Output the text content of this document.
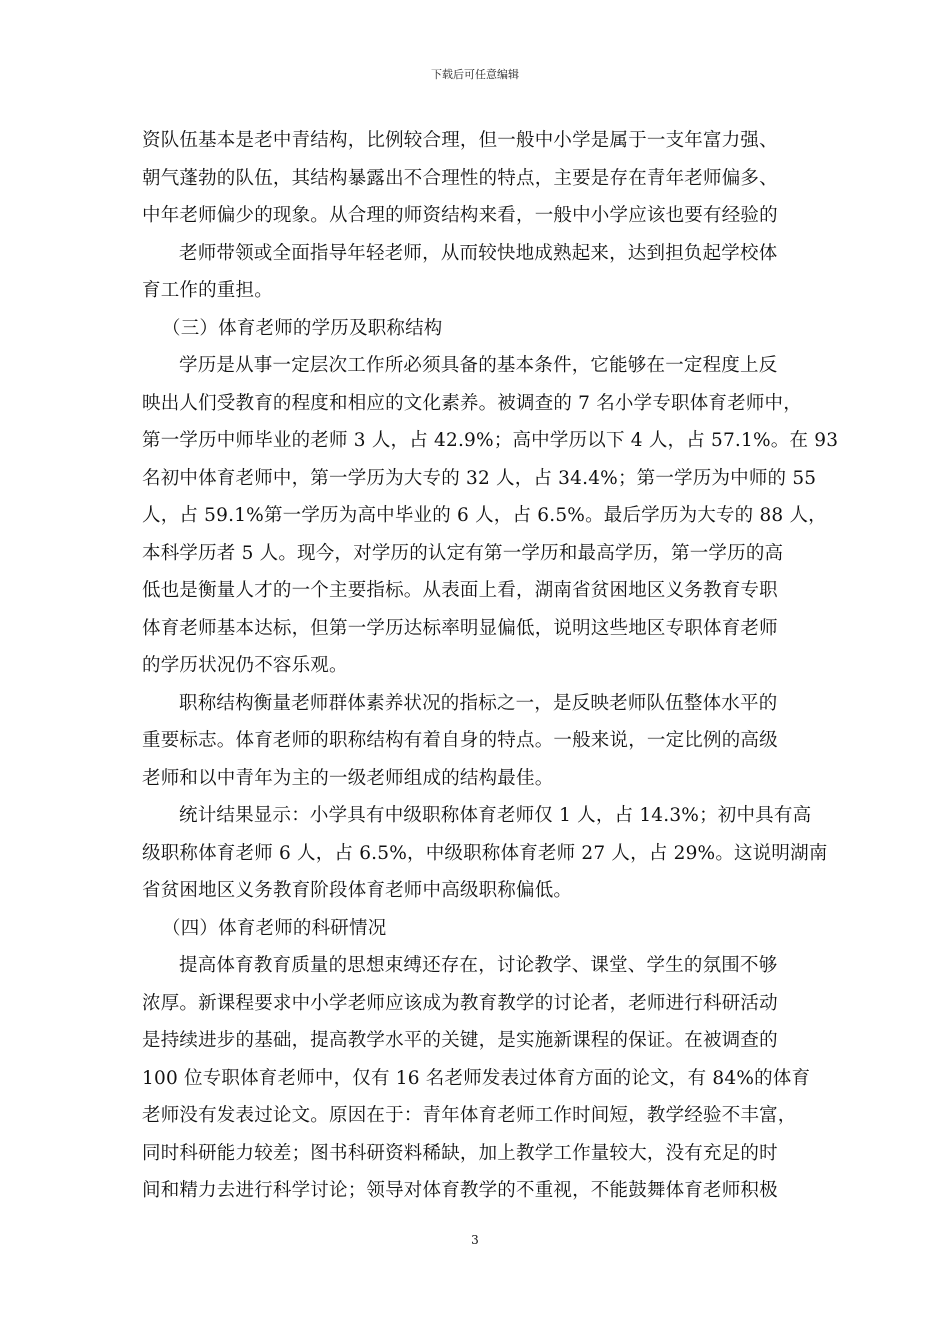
下载后可任意编辑
资队伍基本是老中青结构，比例较合理，但一般中小学是属于一支年富力强、
朝气蓬勃的队伍，其结构暴露出不合理性的特点，主要是存在青年老师偏多、
中年老师偏少的现象。从合理的师资结构来看，一般中小学应该也要有经验的
老师带领或全面指导年轻老师，从而较快地成熟起来，达到担负起学校体
育工作的重担。
（三）体育老师的学历及职称结构
学历是从事一定层次工作所必须具备的基本条件，它能够在一定程度上反
映出人们受教育的程度和相应的文化素养。被调查的 7 名小学专职体育老师中，
第一学历中师毕业的老师 3 人，占 42.9%；高中学历以下 4 人，占 57.1%。在 93
名初中体育老师中，第一学历为大专的 32 人，占 34.4%；第一学历为中师的 55
人，占 59.1%第一学历为高中毕业的 6 人，占 6.5%。最后学历为大专的 88 人，
本科学历者 5 人。现今，对学历的认定有第一学历和最高学历，第一学历的高
低也是衡量人才的一个主要指标。从表面上看，湖南省贫困地区义务教育专职
体育老师基本达标，但第一学历达标率明显偏低，说明这些地区专职体育老师
的学历状况仍不容乐观。
职称结构衡量老师群体素养状况的指标之一，是反映老师队伍整体水平的
重要标志。体育老师的职称结构有着自身的特点。一般来说，一定比例的高级
老师和以中青年为主的一级老师组成的结构最佳。
统计结果显示：小学具有中级职称体育老师仅 1 人，占 14.3%；初中具有高
级职称体育老师 6 人，占 6.5%，中级职称体育老师 27 人，占 29%。这说明湖南
省贫困地区义务教育阶段体育老师中高级职称偏低。
（四）体育老师的科研情况
提高体育教育质量的思想束缚还存在，讨论教学、课堂、学生的氛围不够
浓厚。新课程要求中小学老师应该成为教育教学的讨论者，老师进行科研活动
是持续进步的基础，提高教学水平的关键，是实施新课程的保证。在被调查的
100 位专职体育老师中，仅有 16 名老师发表过体育方面的论文，有 84%的体育
老师没有发表过论文。原因在于：青年体育老师工作时间短，教学经验不丰富，
同时科研能力较差；图书科研资料稀缺，加上教学工作量较大，没有充足的时
间和精力去进行科学讨论；领导对体育教学的不重视，不能鼓舞体育老师积极
3
